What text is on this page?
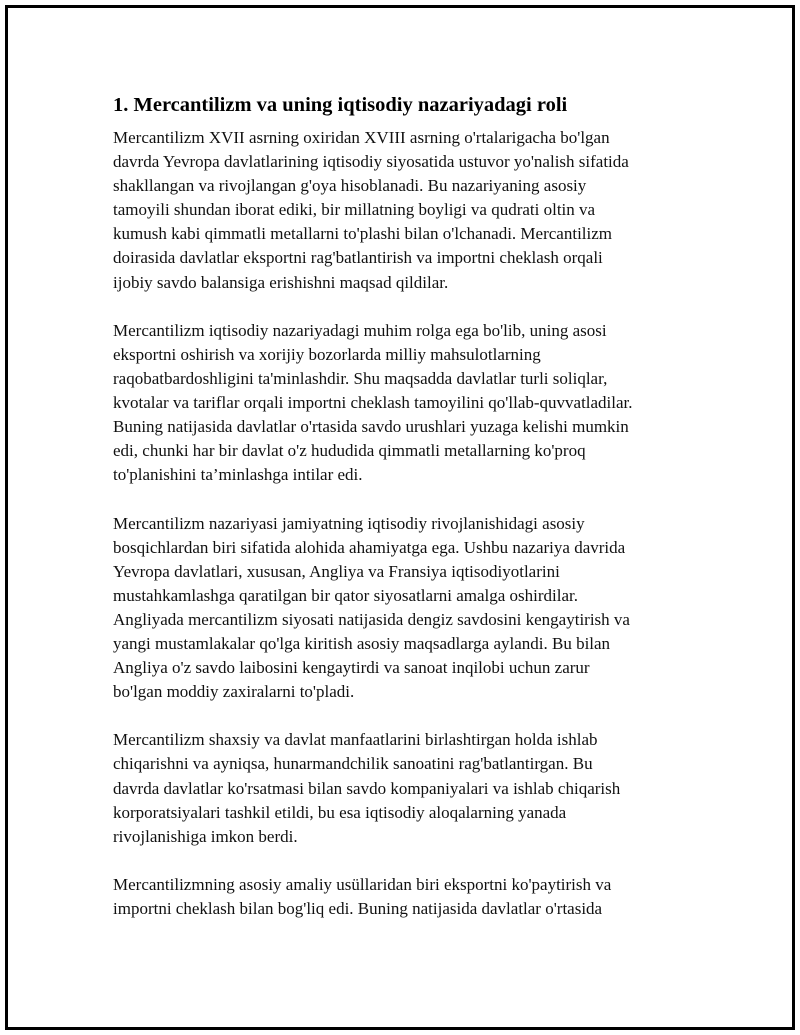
1. Mercantilizm va uning iqtisodiy nazariyadagi roli

Mercantilizm XVII asrning oxiridan XVIII asrning o'rtalarigacha bo'lgan
davrda Yevropa davlatlarining iqtisodiy siyosatida ustuvor yo'nalish sifatida
shakllangan va rivojlangan g'oya hisoblanadi. Bu nazariyaning asosiy
tamoyili shundan iborat ediki, bir millatning boyligi va qudrati oltin va
kumush kabi qimmatli metallarni to'plashi bilan o'lchanadi. Mercantilizm
doirasida davlatlar eksportni rag'batlantirish va importni cheklash orqali
ijobiy savdo balansiga erishishni maqsad qildilar.

Mercantilizm iqtisodiy nazariyadagi muhim rolga ega bo'lib, uning asosi
eksportni oshirish va xorijiy bozorlarda milliy mahsulotlarning
raqobatbardoshligini ta'minlashdir. Shu maqsadda davlatlar turli soliqlar,
kvotalar va tariflar orqali importni cheklash tamoyilini qo'llab-quvvatladilar.
Buning natijasida davlatlar o'rtasida savdo urushlari yuzaga kelishi mumkin
edi, chunki har bir davlat o'z hududida qimmatli metallarning ko'proq
to'planishini ta’minlashga intilar edi.

Mercantilizm nazariyasi jamiyatning iqtisodiy rivojlanishidagi asosiy
bosqichlardan biri sifatida alohida ahamiyatga ega. Ushbu nazariya davrida
Yevropa davlatlari, xususan, Angliya va Fransiya iqtisodiyotlarini
mustahkamlashga qaratilgan bir qator siyosatlarni amalga oshirdilar.
Angliyada mercantilizm siyosati natijasida dengiz savdosini kengaytirish va
yangi mustamlakalar qo'lga kiritish asosiy maqsadlarga aylandi. Bu bilan
Angliya o'z savdo laibosini kengaytirdi va sanoat inqilobi uchun zarur
bo'lgan moddiy zaxiralarni to'pladi.

Mercantilizm shaxsiy va davlat manfaatlarini birlashtirgan holda ishlab
chiqarishni va ayniqsa, hunarmandchilik sanoatini rag'batlantirgan. Bu
davrda davlatlar ko'rsatmasi bilan savdo kompaniyalari va ishlab chiqarish
korporatsiyalari tashkil etildi, bu esa iqtisodiy aloqalarning yanada
rivojlanishiga imkon berdi.

Mercantilizmning asosiy amaliy usüllaridan biri eksportni ko'paytirish va
importni cheklash bilan bog'liq edi. Buning natijasida davlatlar o'rtasida
